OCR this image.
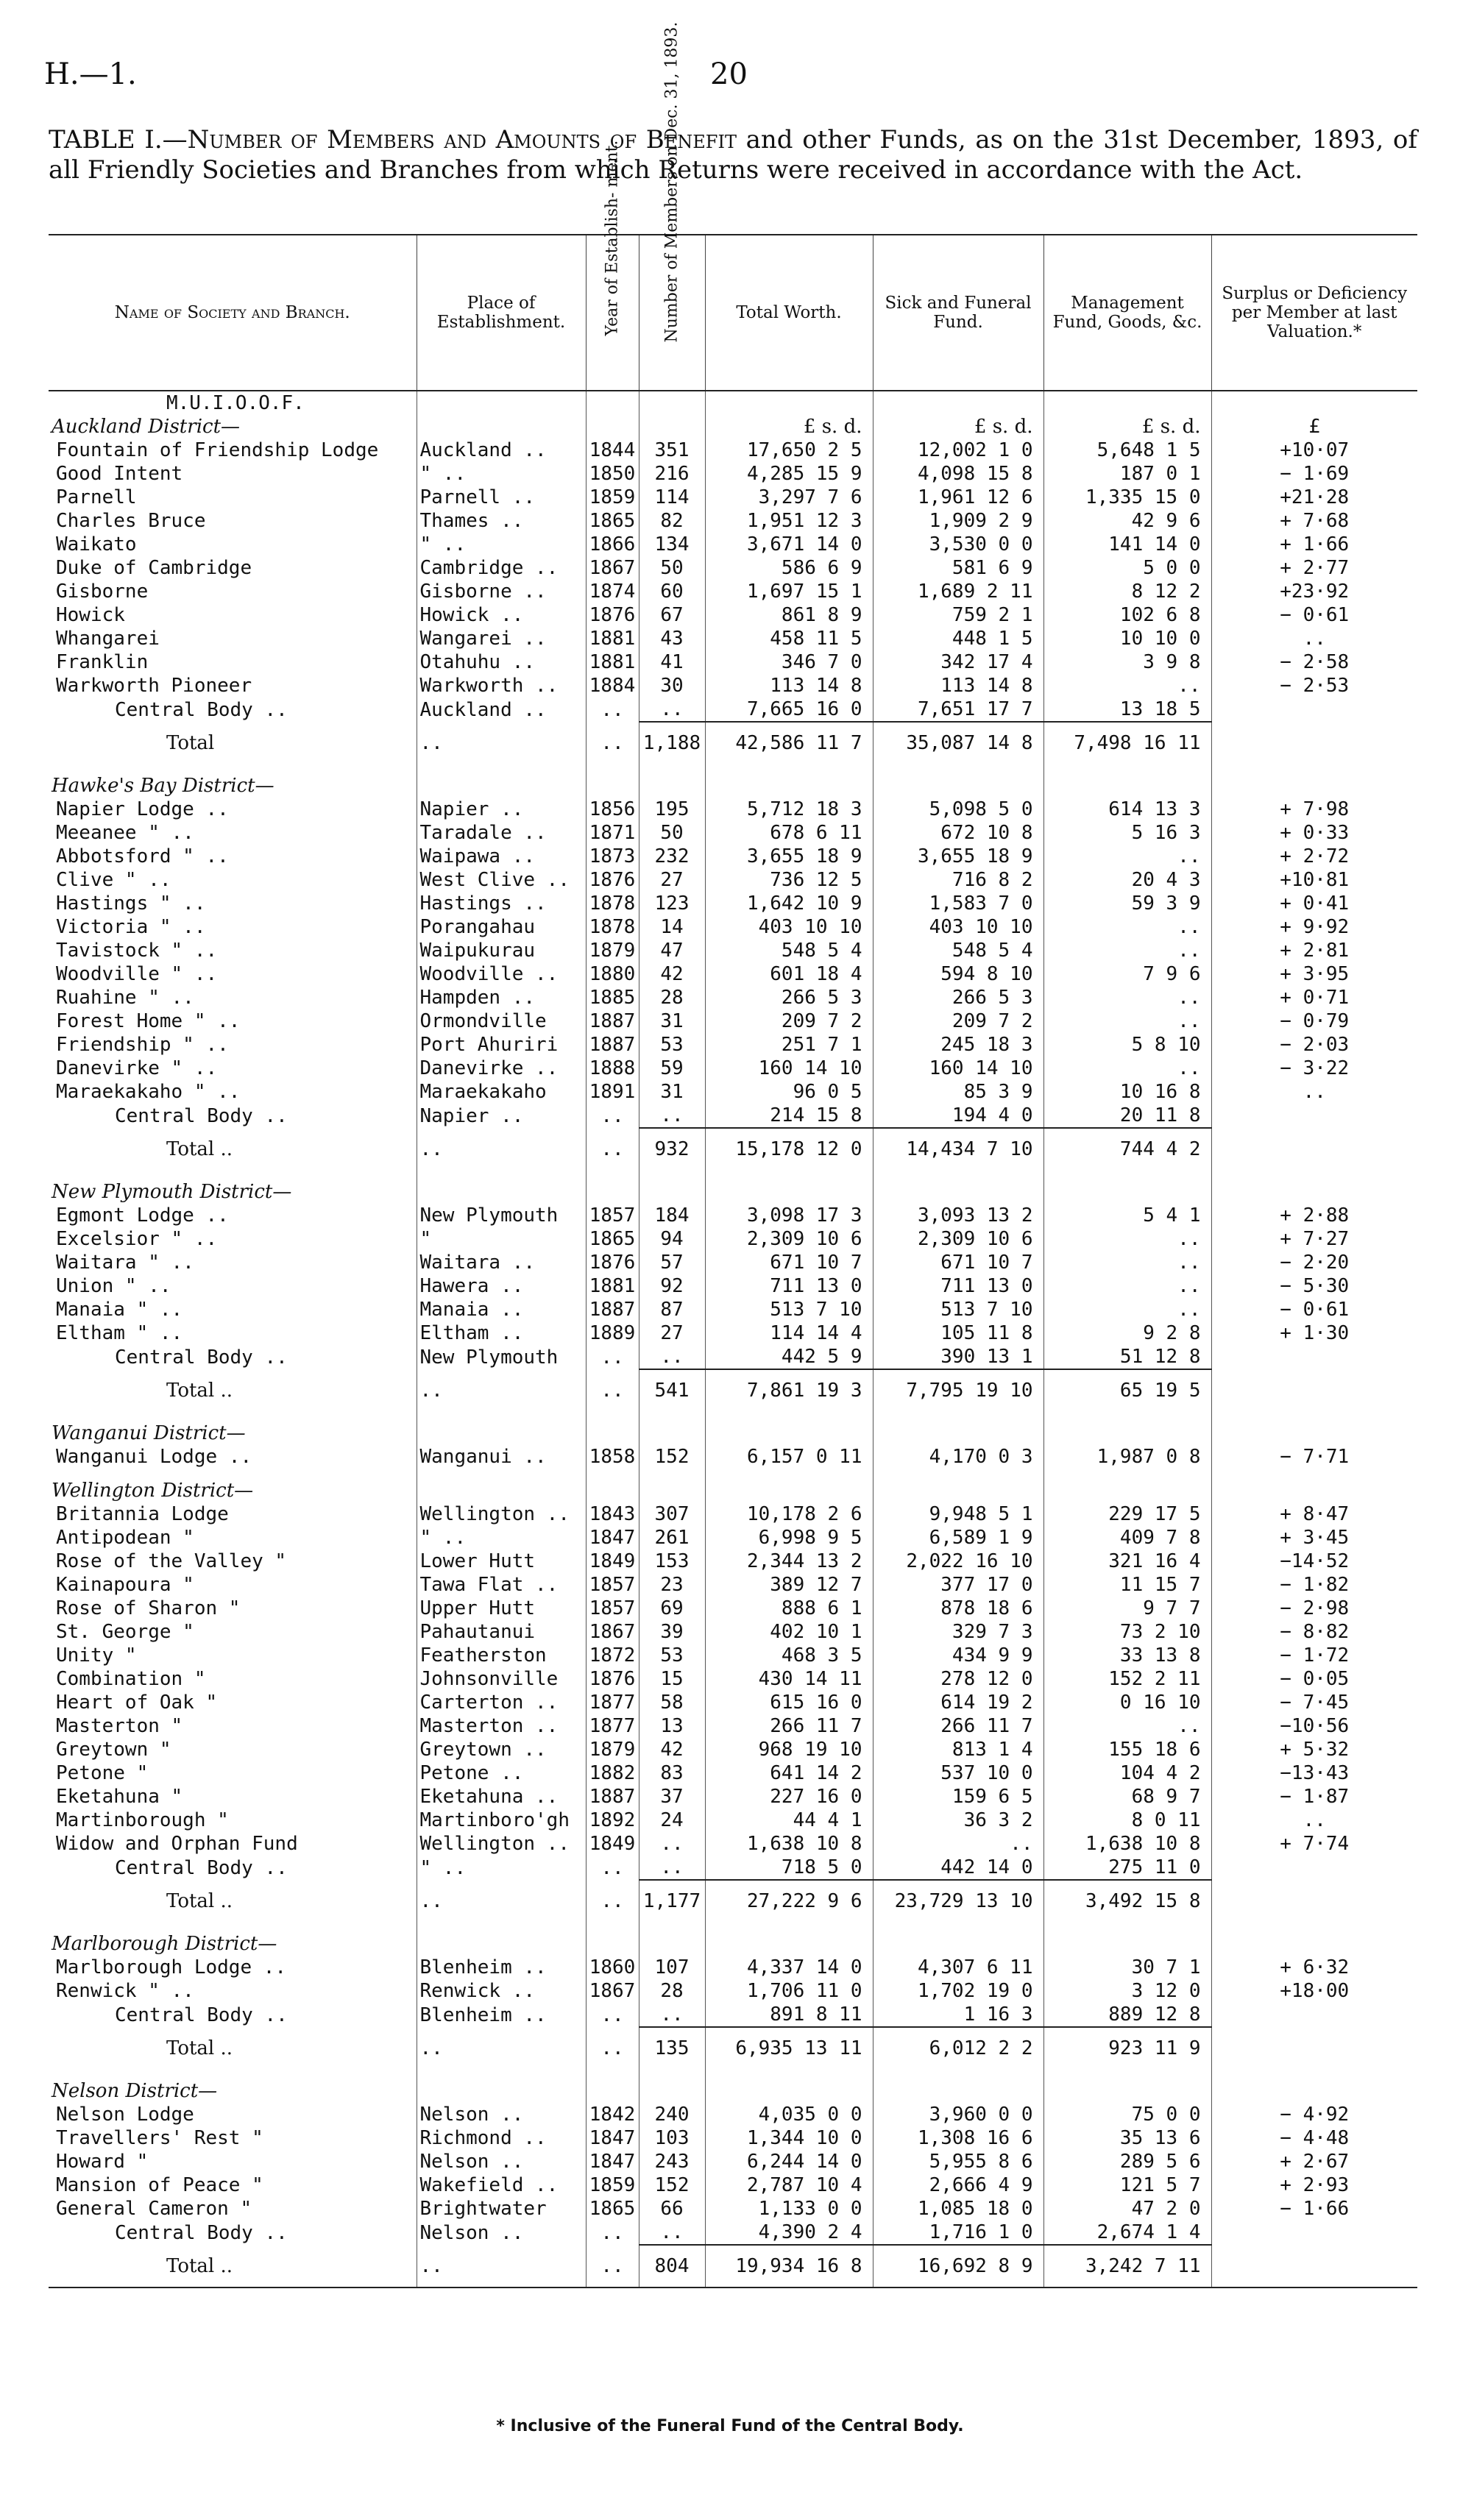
H.—1.	20
TABLE I.—Number of Members and Amounts of Benefit and other Funds, as on the 31st December, 1893, of all Friendly Societies and Branches from which Returns were received in accordance with the Act.
Name of Society and Branch.	Place of Establishment.	Year of Establish- ment.	Number of Members on Dec. 31, 1893.	Total Worth.	Sick and Funeral Fund.	Management Fund, Goods, &c.	Surplus or Deficiency per Member at last Valuation.*
M.U.I.O.O.F.							
Auckland District—				£ s. d.	£ s. d.	£ s. d.	£
Fountain of Friendship Lodge	Auckland ..	1844	351	17,650 2 5	12,002 1 0	5,648 1 5	+10·07
Good Intent	" ..	1850	216	4,285 15 9	4,098 15 8	187 0 1	− 1·69
Parnell	Parnell ..	1859	114	3,297 7 6	1,961 12 6	1,335 15 0	+21·28
Charles Bruce	Thames ..	1865	82	1,951 12 3	1,909 2 9	42 9 6	+ 7·68
Waikato	" ..	1866	134	3,671 14 0	3,530 0 0	141 14 0	+ 1·66
Duke of Cambridge	Cambridge ..	1867	50	586 6 9	581 6 9	5 0 0	+ 2·77
Gisborne	Gisborne ..	1874	60	1,697 15 1	1,689 2 11	8 12 2	+23·92
Howick	Howick ..	1876	67	861 8 9	759 2 1	102 6 8	− 0·61
Whangarei	Wangarei ..	1881	43	458 11 5	448 1 5	10 10 0	..
Franklin	Otahuhu ..	1881	41	346 7 0	342 17 4	3 9 8	− 2·58
Warkworth Pioneer	Warkworth ..	1884	30	113 14 8	113 14 8	..	− 2·53
Central Body ..	Auckland ..	..	..	7,665 16 0	7,651 17 7	13 18 5	
Total	..	..	1,188	42,586 11 7	35,087 14 8	7,498 16 11	

Hawke's Bay District—							
Napier Lodge ..	Napier ..	1856	195	5,712 18 3	5,098 5 0	614 13 3	+ 7·98
Meeanee " ..	Taradale ..	1871	50	678 6 11	672 10 8	5 16 3	+ 0·33
Abbotsford " ..	Waipawa ..	1873	232	3,655 18 9	3,655 18 9	..	+ 2·72
Clive " ..	West Clive ..	1876	27	736 12 5	716 8 2	20 4 3	+10·81
Hastings " ..	Hastings ..	1878	123	1,642 10 9	1,583 7 0	59 3 9	+ 0·41
Victoria " ..	Porangahau	1878	14	403 10 10	403 10 10	..	+ 9·92
Tavistock " ..	Waipukurau	1879	47	548 5 4	548 5 4	..	+ 2·81
Woodville " ..	Woodville ..	1880	42	601 18 4	594 8 10	7 9 6	+ 3·95
Ruahine " ..	Hampden ..	1885	28	266 5 3	266 5 3	..	+ 0·71
Forest Home " ..	Ormondville	1887	31	209 7 2	209 7 2	..	− 0·79
Friendship " ..	Port Ahuriri	1887	53	251 7 1	245 18 3	5 8 10	− 2·03
Danevirke " ..	Danevirke ..	1888	59	160 14 10	160 14 10	..	− 3·22
Maraekakaho " ..	Maraekakaho	1891	31	96 0 5	85 3 9	10 16 8	..
Central Body ..	Napier ..	..	..	214 15 8	194 4 0	20 11 8	
Total ..	..	..	932	15,178 12 0	14,434 7 10	744 4 2	

New Plymouth District—							
Egmont Lodge ..	New Plymouth	1857	184	3,098 17 3	3,093 13 2	5 4 1	+ 2·88
Excelsior " ..	"	1865	94	2,309 10 6	2,309 10 6	..	+ 7·27
Waitara " ..	Waitara ..	1876	57	671 10 7	671 10 7	..	− 2·20
Union " ..	Hawera ..	1881	92	711 13 0	711 13 0	..	− 5·30
Manaia " ..	Manaia ..	1887	87	513 7 10	513 7 10	..	− 0·61
Eltham " ..	Eltham ..	1889	27	114 14 4	105 11 8	9 2 8	+ 1·30
Central Body ..	New Plymouth	..	..	442 5 9	390 13 1	51 12 8	
Total ..	..	..	541	7,861 19 3	7,795 19 10	65 19 5	

Wanganui District—							
Wanganui Lodge ..	Wanganui ..	1858	152	6,157 0 11	4,170 0 3	1,987 0 8	− 7·71

Wellington District—							
Britannia Lodge	Wellington ..	1843	307	10,178 2 6	9,948 5 1	229 17 5	+ 8·47
Antipodean "	" ..	1847	261	6,998 9 5	6,589 1 9	409 7 8	+ 3·45
Rose of the Valley "	Lower Hutt	1849	153	2,344 13 2	2,022 16 10	321 16 4	−14·52
Kainapoura "	Tawa Flat ..	1857	23	389 12 7	377 17 0	11 15 7	− 1·82
Rose of Sharon "	Upper Hutt	1857	69	888 6 1	878 18 6	9 7 7	− 2·98
St. George "	Pahautanui	1867	39	402 10 1	329 7 3	73 2 10	− 8·82
Unity "	Featherston	1872	53	468 3 5	434 9 9	33 13 8	− 1·72
Combination "	Johnsonville	1876	15	430 14 11	278 12 0	152 2 11	− 0·05
Heart of Oak "	Carterton ..	1877	58	615 16 0	614 19 2	0 16 10	− 7·45
Masterton "	Masterton ..	1877	13	266 11 7	266 11 7	..	−10·56
Greytown "	Greytown ..	1879	42	968 19 10	813 1 4	155 18 6	+ 5·32
Petone "	Petone ..	1882	83	641 14 2	537 10 0	104 4 2	−13·43
Eketahuna "	Eketahuna ..	1887	37	227 16 0	159 6 5	68 9 7	− 1·87
Martinborough "	Martinboro'gh	1892	24	44 4 1	36 3 2	8 0 11	..
Widow and Orphan Fund	Wellington ..	1849	..	1,638 10 8	..	1,638 10 8	+ 7·74
Central Body ..	" ..	..	..	718 5 0	442 14 0	275 11 0	
Total ..	..	..	1,177	27,222 9 6	23,729 13 10	3,492 15 8	

Marlborough District—							
Marlborough Lodge ..	Blenheim ..	1860	107	4,337 14 0	4,307 6 11	30 7 1	+ 6·32
Renwick " ..	Renwick ..	1867	28	1,706 11 0	1,702 19 0	3 12 0	+18·00
Central Body ..	Blenheim ..	..	..	891 8 11	1 16 3	889 12 8	
Total ..	..	..	135	6,935 13 11	6,012 2 2	923 11 9	

Nelson District—							
Nelson Lodge	Nelson ..	1842	240	4,035 0 0	3,960 0 0	75 0 0	− 4·92
Travellers' Rest "	Richmond ..	1847	103	1,344 10 0	1,308 16 6	35 13 6	− 4·48
Howard "	Nelson ..	1847	243	6,244 14 0	5,955 8 6	289 5 6	+ 2·67
Mansion of Peace "	Wakefield ..	1859	152	2,787 10 4	2,666 4 9	121 5 7	+ 2·93
General Cameron "	Brightwater	1865	66	1,133 0 0	1,085 18 0	47 2 0	− 1·66
Central Body ..	Nelson ..	..	..	4,390 2 4	1,716 1 0	2,674 1 4	
Total ..	..	..	804	19,934 16 8	16,692 8 9	3,242 7 11	
* Inclusive of the Funeral Fund of the Central Body.
